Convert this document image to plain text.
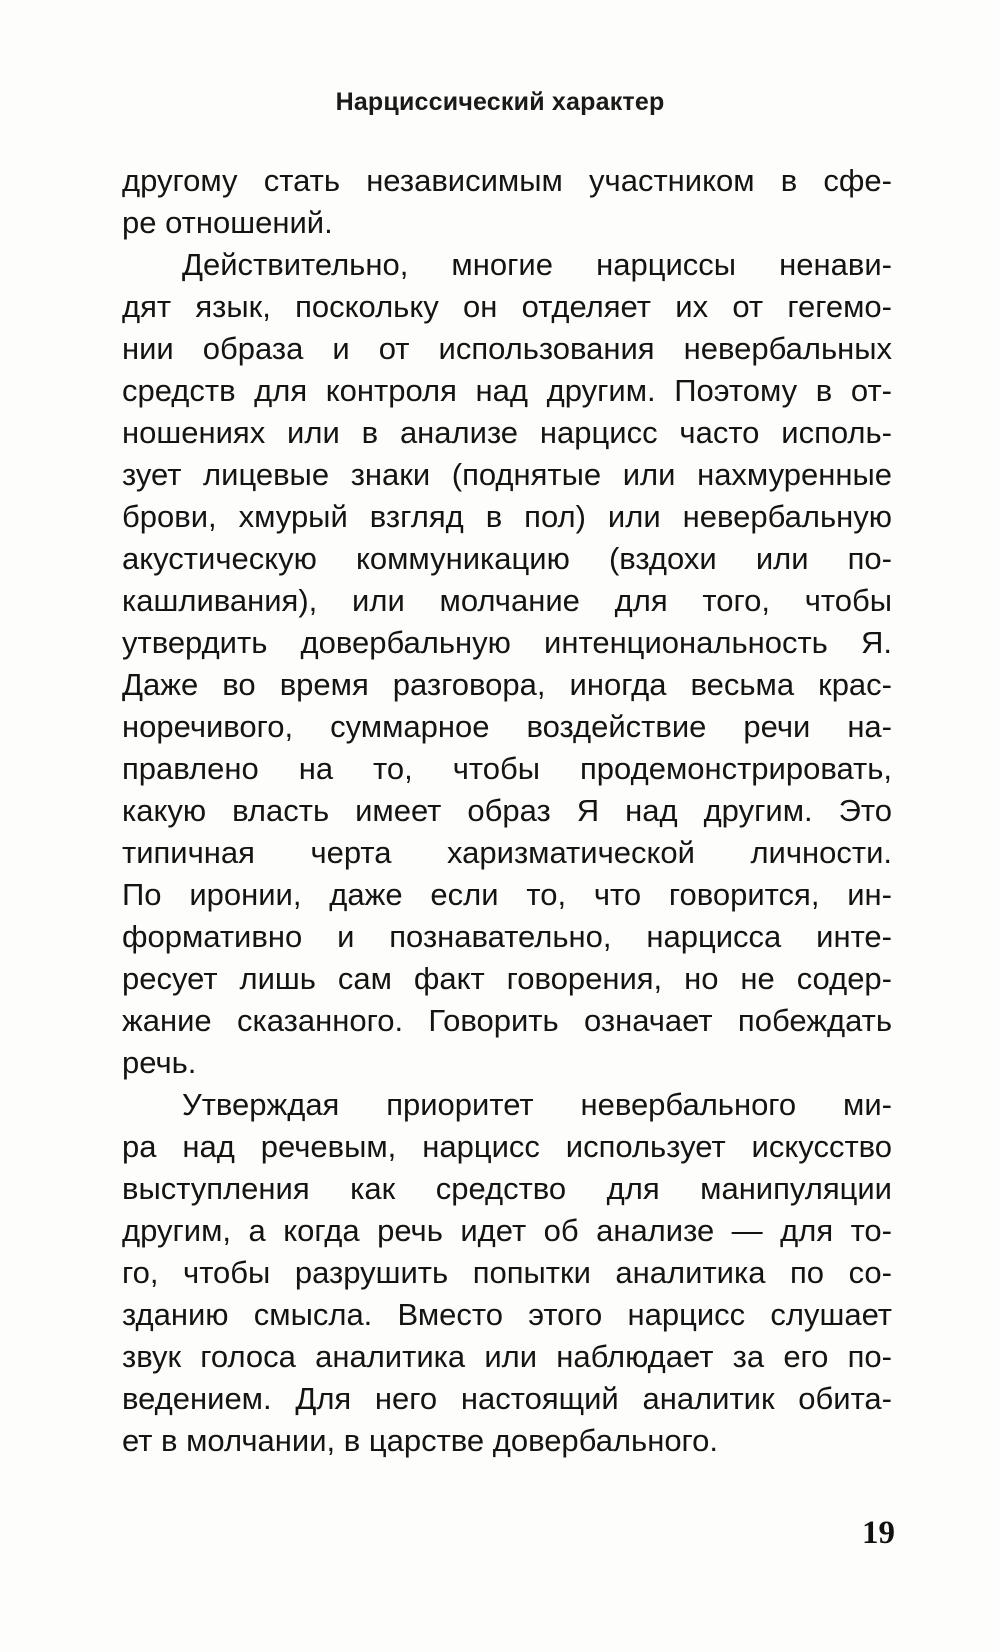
Нарциссический характер
другому стать независимым участником в сфе-
ре отношений.
Действительно, многие нарциссы ненави-
дят язык, поскольку он отделяет их от гегемо-
нии образа и от использования невербальных
средств для контроля над другим. Поэтому в от-
ношениях или в анализе нарцисс часто исполь-
зует лицевые знаки (поднятые или нахмуренные
брови, хмурый взгляд в пол) или невербальную
акустическую коммуникацию (вздохи или по-
кашливания), или молчание для того, чтобы
утвердить довербальную интенциональность Я.
Даже во время разговора, иногда весьма крас-
норечивого, суммарное воздействие речи на-
правлено на то, чтобы продемонстрировать,
какую власть имеет образ Я над другим. Это
типичная черта харизматической личности.
По иронии, даже если то, что говорится, ин-
формативно и познавательно, нарцисса инте-
ресует лишь сам факт говорения, но не содер-
жание сказанного. Говорить означает побеждать
речь.
Утверждая приоритет невербального ми-
ра над речевым, нарцисс использует искусство
выступления как средство для манипуляции
другим, а когда речь идет об анализе — для то-
го, чтобы разрушить попытки аналитика по со-
зданию смысла. Вместо этого нарцисс слушает
звук голоса аналитика или наблюдает за его по-
ведением. Для него настоящий аналитик обита-
ет в молчании, в царстве довербального.
19
